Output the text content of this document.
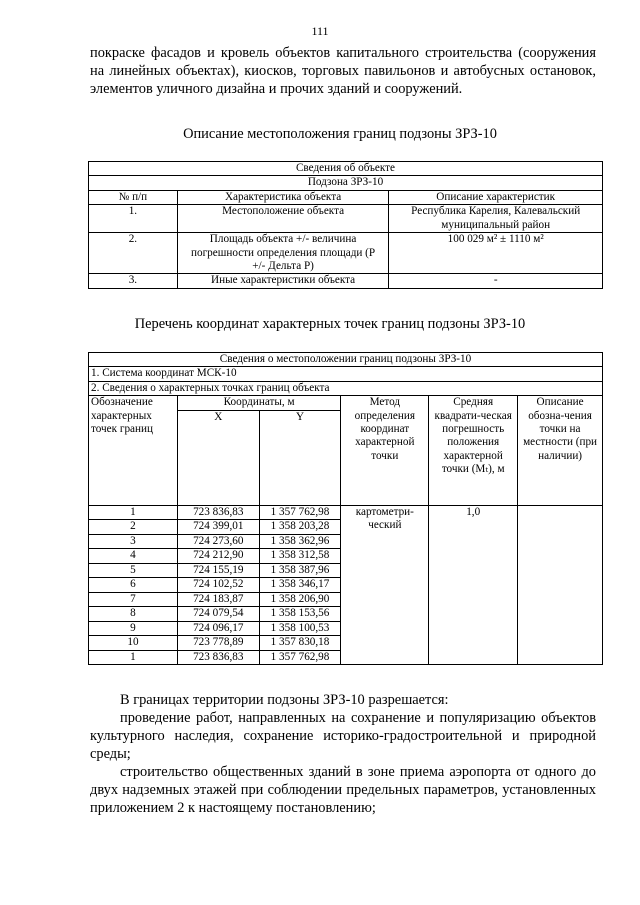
111

покраске фасадов и кровель объектов капитального строительства (сооружения на линейных объектах), киосков, торговых павильонов и автобусных остановок, элементов уличного дизайна и прочих зданий и сооружений.

Описание местоположения границ подзоны ЗРЗ-10
Сведения об объекте		
Подзона ЗРЗ-10		
№ п/п	Характеристика объекта	Описание характеристик
1.	Местоположение объекта	Республика Карелия, Калевальский муниципальный район
2.	Площадь объекта +/- величина погрешности определения площади (Р +/- Дельта Р)	100 029 м² ± 1110 м²
3.	Иные характеристики объекта	-
Перечень координат характерных точек границ подзоны ЗРЗ-10
Сведения о местоположении границ подзоны ЗРЗ-10					
1. Система координат МСК-10					
2. Сведения о характерных точках границ объекта					
Обозначение характерных точек границ	Координаты, м		Метод определения координат характерной точки	Средняя квадрати-ческая погрешность положения характерной точки (Mₜ), м	Описание обозна-чения точки на местности (при наличии)
	X	Y			
1	723 836,83	1 357 762,98	картометри-ческий	1,0	
2	724 399,01	1 358 203,28			
3	724 273,60	1 358 362,96			
4	724 212,90	1 358 312,58			
5	724 155,19	1 358 387,96			
6	724 102,52	1 358 346,17			
7	724 183,87	1 358 206,90			
8	724 079,54	1 358 153,56			
9	724 096,17	1 358 100,53			
10	723 778,89	1 357 830,18			
1	723 836,83	1 357 762,98			

В границах территории подзоны ЗРЗ-10 разрешается:

проведение работ, направленных на сохранение и популяризацию объектов культурного наследия, сохранение историко-градостроительной и природной среды;

строительство общественных зданий в зоне приема аэропорта от одного до двух надземных этажей при соблюдении предельных параметров, установленных приложением 2 к настоящему постановлению;
